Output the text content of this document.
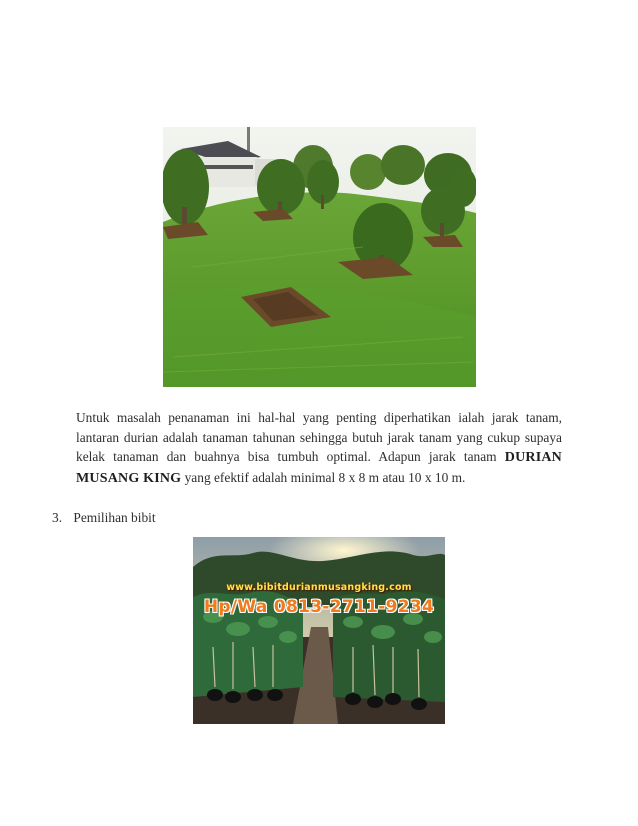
Untuk masalah penanaman ini hal-hal yang penting diperhatikan ialah jarak tanam, lantaran durian adalah tanaman tahunan sehingga butuh jarak tanam yang cukup supaya kelak tanaman dan buahnya bisa tumbuh optimal. Adapun jarak tanam DURIAN MUSANG KING yang efektif adalah minimal 8 x 8 m atau 10 x 10 m.
3. Pemilihan bibit
www.bibitdurianmusangking.com
Hp/Wa 0813-2711-9234
